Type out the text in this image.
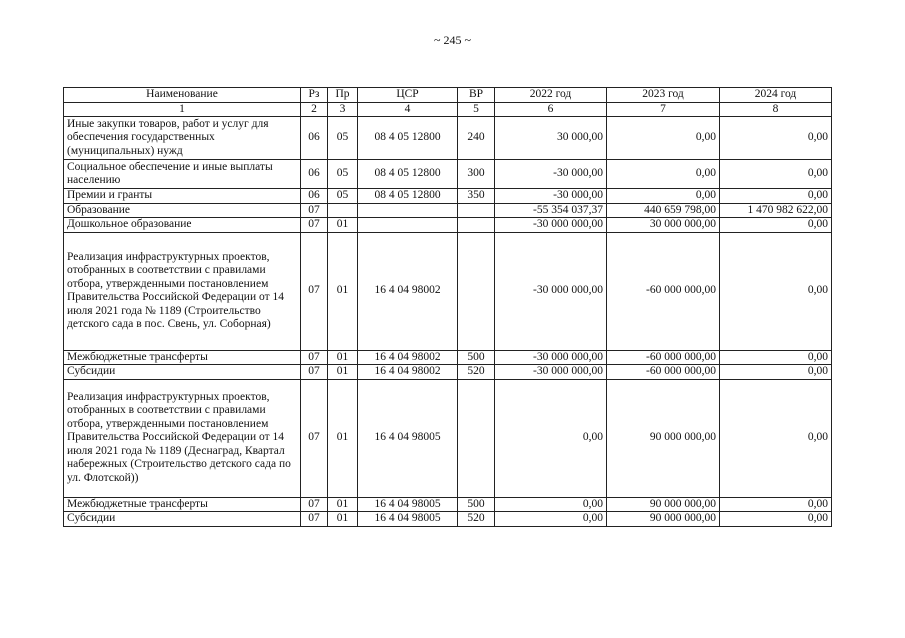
~ 245 ~
Наименование	Рз	Пр	ЦСР	ВР	2022 год	2023 год	2024 год
1	2	3	4	5	6	7	8
Иные закупки товаров, работ и услуг для обеспечения государственных (муниципальных) нужд	06	05	08 4 05 12800	240	30 000,00	0,00	0,00
Социальное обеспечение и иные выплаты населению	06	05	08 4 05 12800	300	-30 000,00	0,00	0,00
Премии и гранты	06	05	08 4 05 12800	350	-30 000,00	0,00	0,00
Образование	07				-55 354 037,37	440 659 798,00	1 470 982 622,00
Дошкольное образование	07	01			-30 000 000,00	30 000 000,00	0,00
Реализация инфраструктурных проектов, отобранных в соответствии с правилами отбора, утвержденными постановлением Правительства Российской Федерации от 14 июля 2021 года № 1189 (Строительство детского сада в пос. Свень, ул. Соборная)	07	01	16 4 04 98002		-30 000 000,00	-60 000 000,00	0,00
Межбюджетные трансферты	07	01	16 4 04 98002	500	-30 000 000,00	-60 000 000,00	0,00
Субсидии	07	01	16 4 04 98002	520	-30 000 000,00	-60 000 000,00	0,00
Реализация инфраструктурных проектов, отобранных в соответствии с правилами отбора, утвержденными постановлением Правительства Российской Федерации от 14 июля 2021 года № 1189 (Деснаград, Квартал набережных (Строительство детского сада по ул. Флотской))	07	01	16 4 04 98005		0,00	90 000 000,00	0,00
Межбюджетные трансферты	07	01	16 4 04 98005	500	0,00	90 000 000,00	0,00
Субсидии	07	01	16 4 04 98005	520	0,00	90 000 000,00	0,00
